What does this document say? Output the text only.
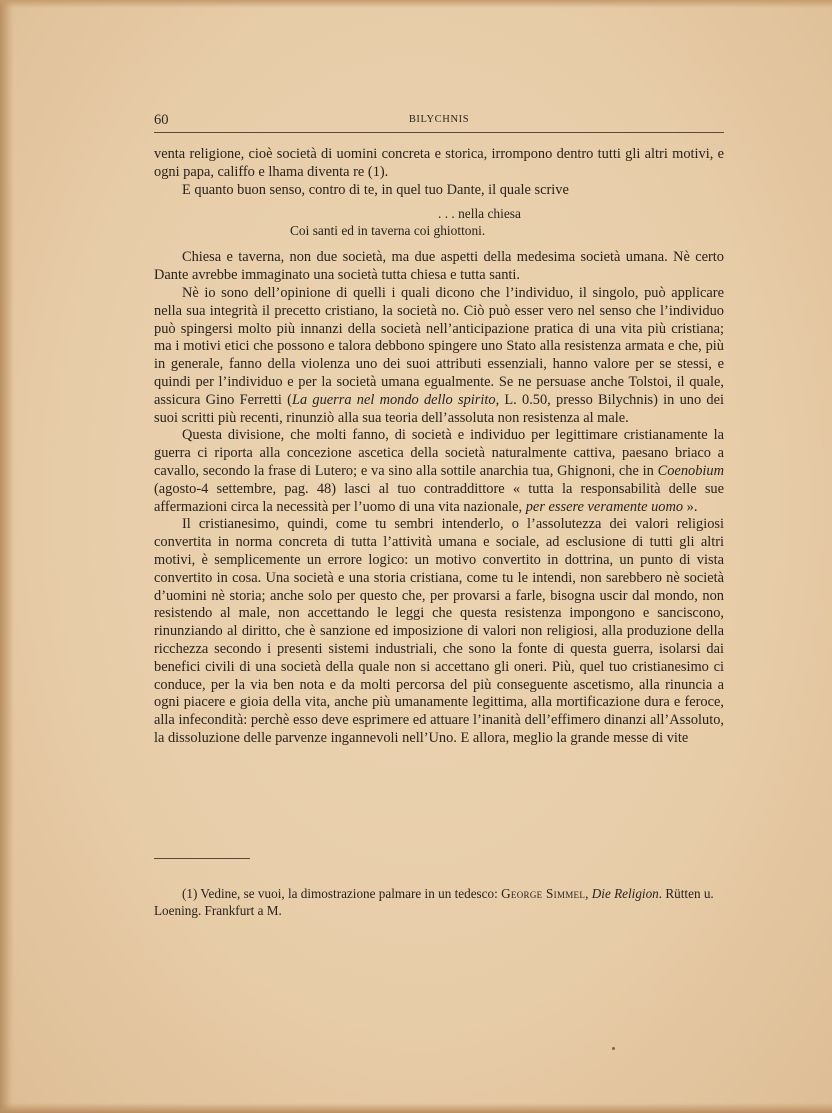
60	BILYCHNIS

venta religione, cioè società di uomini concreta e storica, irrompono dentro tutti gli altri motivi, e ogni papa, califfo e lhama diventa re (1).

E quanto buon senso, contro di te, in quel tuo Dante, il quale scrive

. . . nella chiesa
Coi santi ed in taverna coi ghiottoni.

Chiesa e taverna, non due società, ma due aspetti della medesima società umana. Nè certo Dante avrebbe immaginato una società tutta chiesa e tutta santi.

Nè io sono dell’opinione di quelli i quali dicono che l’individuo, il singolo, può applicare nella sua integrità il precetto cristiano, la società no. Ciò può esser vero nel senso che l’individuo può spingersi molto più innanzi della società nell’anticipazione pratica di una vita più cristiana; ma i motivi etici che possono e talora debbono spingere uno Stato alla resistenza armata e che, più in generale, fanno della violenza uno dei suoi attributi essenziali, hanno valore per se stessi, e quindi per l’individuo e per la società umana egualmente. Se ne persuase anche Tolstoi, il quale, assicura Gino Ferretti (La guerra nel mondo dello spirito, L. 0.50, presso Bilychnis) in uno dei suoi scritti più recenti, rinunziò alla sua teoria dell’assoluta non resistenza al male.

Questa divisione, che molti fanno, di società e individuo per legittimare cristianamente la guerra ci riporta alla concezione ascetica della società naturalmente cattiva, paesano briaco a cavallo, secondo la frase di Lutero; e va sino alla sottile anarchia tua, Ghignoni, che in Coenobium (agosto-4 settembre, pag. 48) lasci al tuo contraddittore « tutta la responsabilità delle sue affermazioni circa la necessità per l’uomo di una vita nazionale, per essere veramente uomo ».

Il cristianesimo, quindi, come tu sembri intenderlo, o l’assolutezza dei valori religiosi convertita in norma concreta di tutta l’attività umana e sociale, ad esclusione di tutti gli altri motivi, è semplicemente un errore logico: un motivo convertito in dottrina, un punto di vista convertito in cosa. Una società e una storia cristiana, come tu le intendi, non sarebbero nè società d’uomini nè storia; anche solo per questo che, per provarsi a farle, bisogna uscir dal mondo, non resistendo al male, non accettando le leggi che questa resistenza impongono e sanciscono, rinunziando al diritto, che è sanzione ed imposizione di valori non religiosi, alla produzione della ricchezza secondo i presenti sistemi industriali, che sono la fonte di questa guerra, isolarsi dai benefici civili di una società della quale non si accettano gli oneri. Più, quel tuo cristianesimo ci conduce, per la via ben nota e da molti percorsa del più conseguente ascetismo, alla rinuncia a ogni piacere e gioia della vita, anche più umanamente legittima, alla mortificazione dura e feroce, alla infecondità: perchè esso deve esprimere ed attuare l’inanità dell’effimero dinanzi all’Assoluto, la dissoluzione delle parvenze ingannevoli nell’Uno. E allora, meglio la grande messe di vite

(1) Vedine, se vuoi, la dimostrazione palmare in un tedesco: George Simmel, Die Religion. Rütten u. Loening. Frankfurt a M.
